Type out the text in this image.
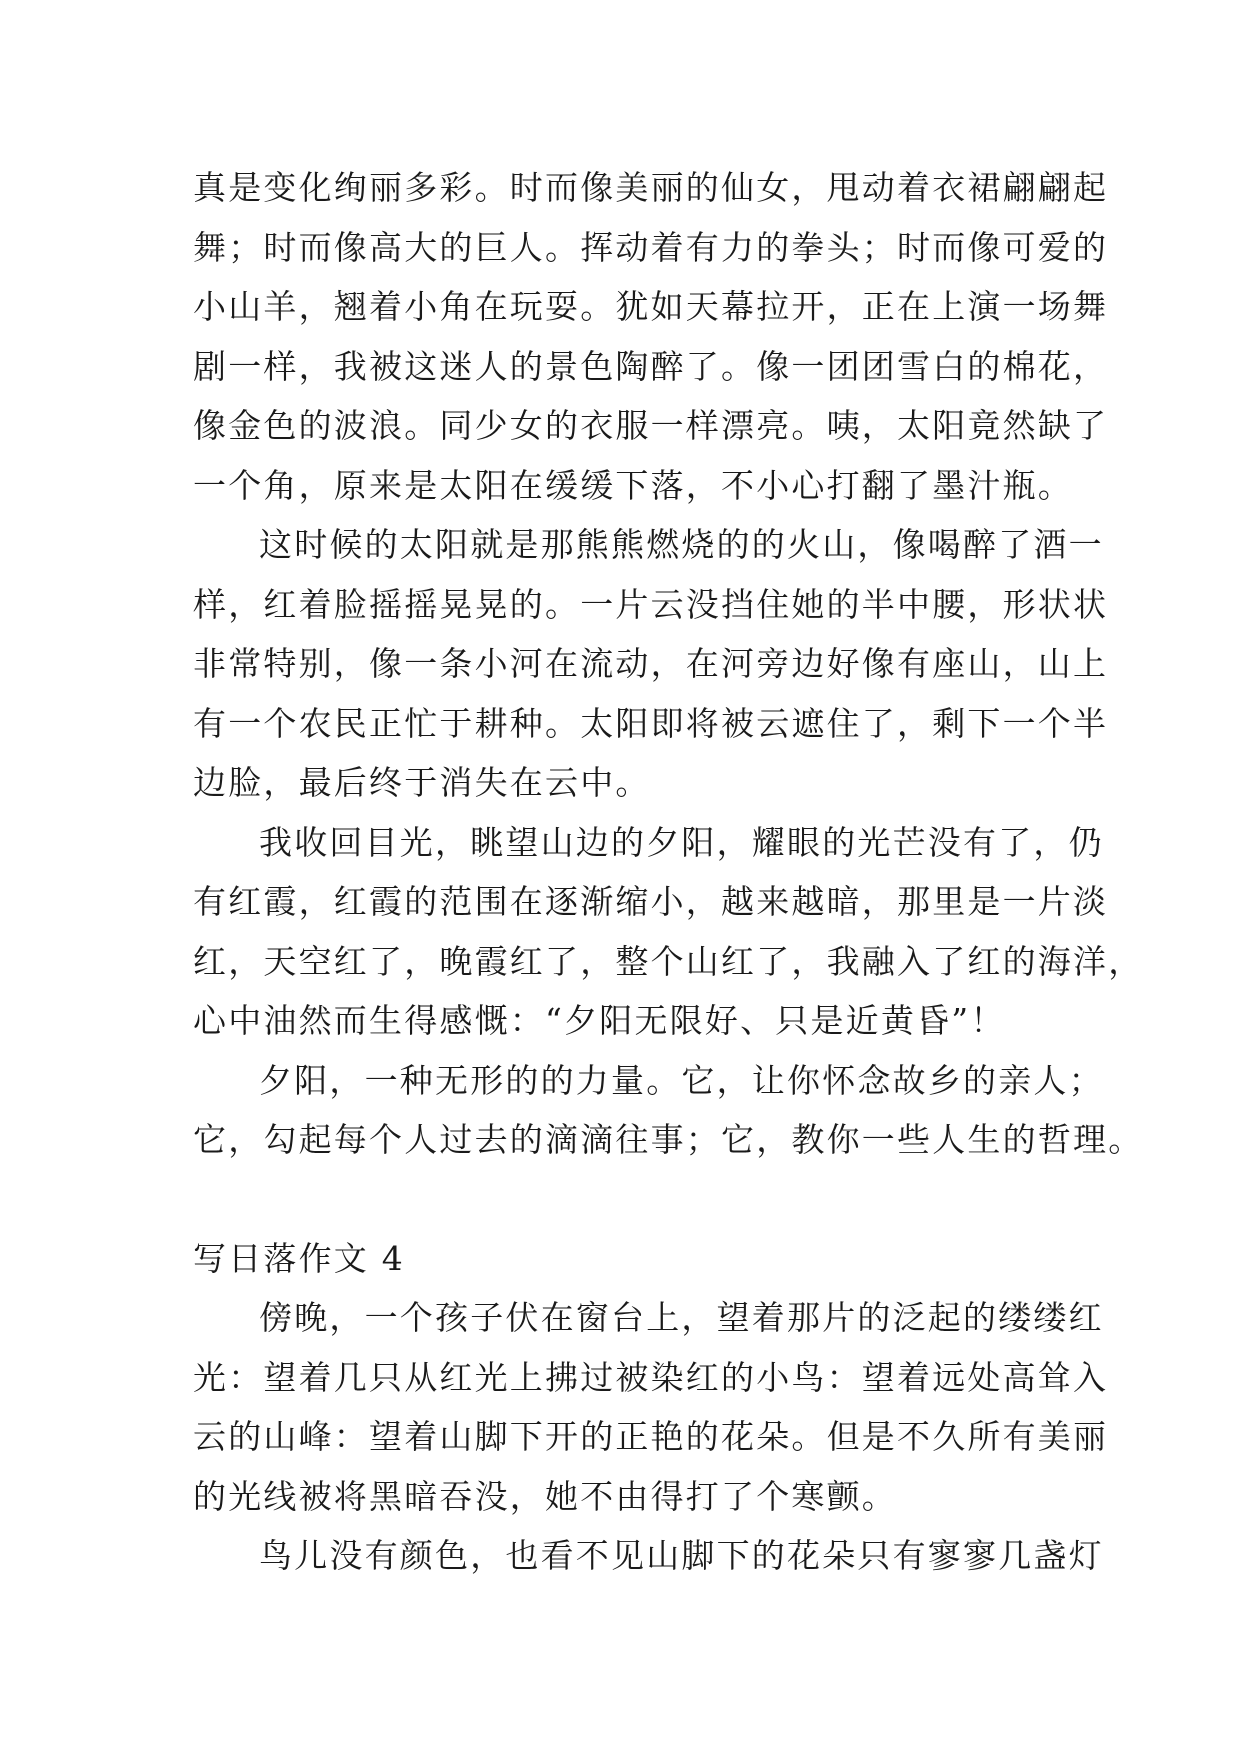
真是变化绚丽多彩。时而像美丽的仙女，甩动着衣裙翩翩起
舞；时而像高大的巨人。挥动着有力的拳头；时而像可爱的
小山羊，翘着小角在玩耍。犹如天幕拉开，正在上演一场舞
剧一样，我被这迷人的景色陶醉了。像一团团雪白的棉花，
像金色的波浪。同少女的衣服一样漂亮。咦，太阳竟然缺了
一个角，原来是太阳在缓缓下落，不小心打翻了墨汁瓶。
这时候的太阳就是那熊熊燃烧的的火山，像喝醉了酒一
样，红着脸摇摇晃晃的。一片云没挡住她的半中腰，形状状
非常特别，像一条小河在流动，在河旁边好像有座山，山上
有一个农民正忙于耕种。太阳即将被云遮住了，剩下一个半
边脸，最后终于消失在云中。
我收回目光，眺望山边的夕阳，耀眼的光芒没有了，仍
有红霞，红霞的范围在逐渐缩小，越来越暗，那里是一片淡
红，天空红了，晚霞红了，整个山红了，我融入了红的海洋，
心中油然而生得感慨：“夕阳无限好、只是近黄昏”！
夕阳，一种无形的的力量。它，让你怀念故乡的亲人；
它，勾起每个人过去的滴滴往事；它，教你一些人生的哲理。
写日落作文 4
傍晚，一个孩子伏在窗台上，望着那片的泛起的缕缕红
光：望着几只从红光上拂过被染红的小鸟：望着远处高耸入
云的山峰：望着山脚下开的正艳的花朵。但是不久所有美丽
的光线被将黑暗吞没，她不由得打了个寒颤。
鸟儿没有颜色，也看不见山脚下的花朵只有寥寥几盏灯
